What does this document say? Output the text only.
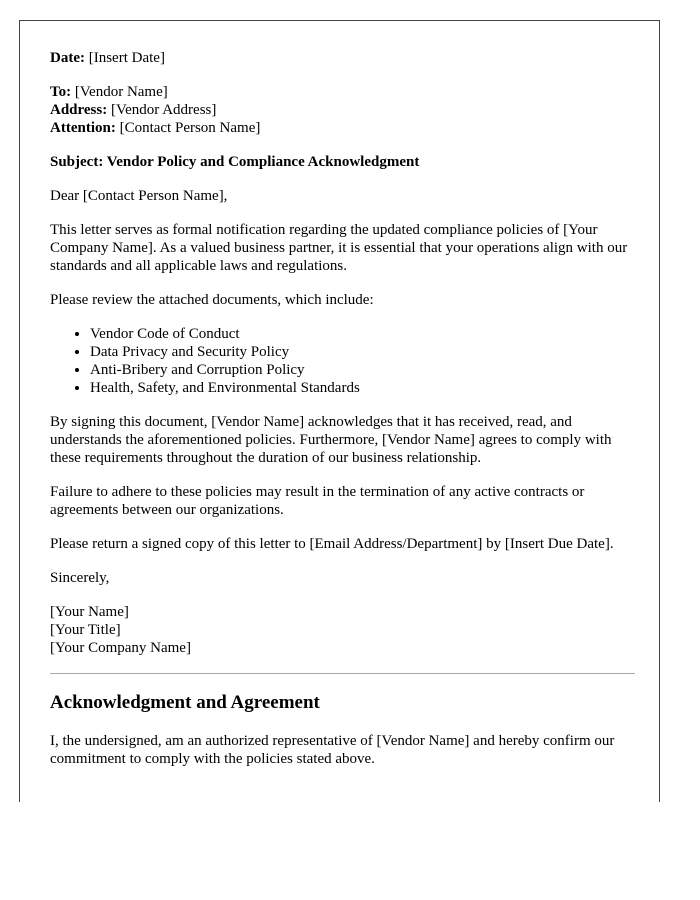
Date: [Insert Date]

To: [Vendor Name]
Address: [Vendor Address]
Attention: [Contact Person Name]

Subject: Vendor Policy and Compliance Acknowledgment

Dear [Contact Person Name],

This letter serves as formal notification regarding the updated compliance policies of [Your Company Name]. As a valued business partner, it is essential that your operations align with our standards and all applicable laws and regulations.

Please review the attached documents, which include:

• Vendor Code of Conduct
• Data Privacy and Security Policy
• Anti-Bribery and Corruption Policy
• Health, Safety, and Environmental Standards

By signing this document, [Vendor Name] acknowledges that it has received, read, and understands the aforementioned policies. Furthermore, [Vendor Name] agrees to comply with these requirements throughout the duration of our business relationship.

Failure to adhere to these policies may result in the termination of any active contracts or agreements between our organizations.

Please return a signed copy of this letter to [Email Address/Department] by [Insert Due Date].

Sincerely,

[Your Name]
[Your Title]
[Your Company Name]

Acknowledgment and Agreement

I, the undersigned, am an authorized representative of [Vendor Name] and hereby confirm our commitment to comply with the policies stated above.
